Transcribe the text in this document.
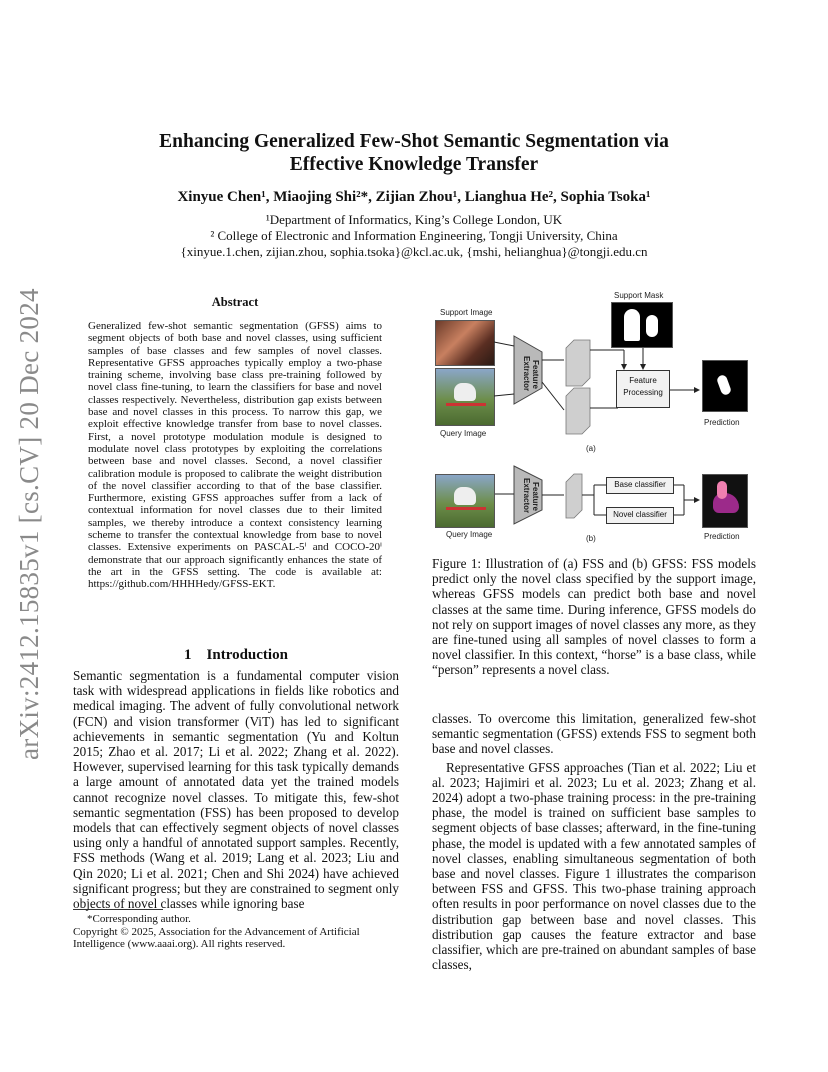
arXiv:2412.15835v1 [cs.CV] 20 Dec 2024
Enhancing Generalized Few-Shot Semantic Segmentation via
Effective Knowledge Transfer
Xinyue Chen¹, Miaojing Shi²*, Zijian Zhou¹, Lianghua He², Sophia Tsoka¹
¹Department of Informatics, King’s College London, UK
² College of Electronic and Information Engineering, Tongji University, China
{xinyue.1.chen, zijian.zhou, sophia.tsoka}@kcl.ac.uk, {mshi, helianghua}@tongji.edu.cn
Abstract

Generalized few-shot semantic segmentation (GFSS) aims to segment objects of both base and novel classes, using sufficient samples of base classes and few samples of novel classes. Representative GFSS approaches typically employ a two-phase training scheme, involving base class pre-training followed by novel class fine-tuning, to learn the classifiers for base and novel classes respectively. Nevertheless, distribution gap exists between base and novel classes in this process. To narrow this gap, we exploit effective knowledge transfer from base to novel classes. First, a novel prototype modulation module is designed to modulate novel class prototypes by exploiting the correlations between base and novel classes. Second, a novel classifier calibration module is proposed to calibrate the weight distribution of the novel classifier according to that of the base classifier. Furthermore, existing GFSS approaches suffer from a lack of contextual information for novel classes due to their limited samples, we thereby introduce a context consistency learning scheme to transfer the contextual knowledge from base to novel classes. Extensive experiments on PASCAL-5ⁱ and COCO-20ⁱ demonstrate that our approach significantly enhances the state of the art in the GFSS setting. The code is available at: https://github.com/HHHHedy/GFSS-EKT.

1 Introduction

Semantic segmentation is a fundamental computer vision task with widespread applications in fields like robotics and medical imaging. The advent of fully convolutional network (FCN) and vision transformer (ViT) has led to significant achievements in semantic segmentation (Yu and Koltun 2015; Zhao et al. 2017; Li et al. 2022; Zhang et al. 2022). However, supervised learning for this task typically demands a large amount of annotated data yet the trained models cannot recognize novel classes. To mitigate this, few-shot semantic segmentation (FSS) has been proposed to develop models that can effectively segment objects of novel classes using only a handful of annotated support samples. Recently, FSS methods (Wang et al. 2019; Lang et al. 2023; Liu and Qin 2020; Li et al. 2021; Chen and Shi 2024) have achieved significant progress; but they are constrained to segment only objects of novel classes while ignoring base

*Corresponding author.
Copyright © 2025, Association for the Advancement of Artificial Intelligence (www.aaai.org). All rights reserved.
Support Image
Query Image
Feature Extractor
Support Mask
Feature Processing
Prediction
(a)
Query Image
Feature Extractor	Base classifier
Novel classifier
Prediction
(b)

Figure 1: Illustration of (a) FSS and (b) GFSS: FSS models predict only the novel class specified by the support image, whereas GFSS models can predict both base and novel classes at the same time. During inference, GFSS models do not rely on support images of novel classes any more, as they are fine-tuned using all samples of novel classes to form a novel classifier. In this context, “horse” is a base class, while “person” represents a novel class.

classes. To overcome this limitation, generalized few-shot semantic segmentation (GFSS) extends FSS to segment both base and novel classes.

Representative GFSS approaches (Tian et al. 2022; Liu et al. 2023; Hajimiri et al. 2023; Lu et al. 2023; Zhang et al. 2024) adopt a two-phase training process: in the pre-training phase, the model is trained on sufficient base samples to segment objects of base classes; afterward, in the fine-tuning phase, the model is updated with a few annotated samples of novel classes, enabling simultaneous segmentation of both base and novel classes. Figure 1 illustrates the comparison between FSS and GFSS. This two-phase training approach often results in poor performance on novel classes due to the distribution gap between base and novel classes. This distribution gap causes the feature extractor and base classifier, which are pre-trained on abundant samples of base classes,
